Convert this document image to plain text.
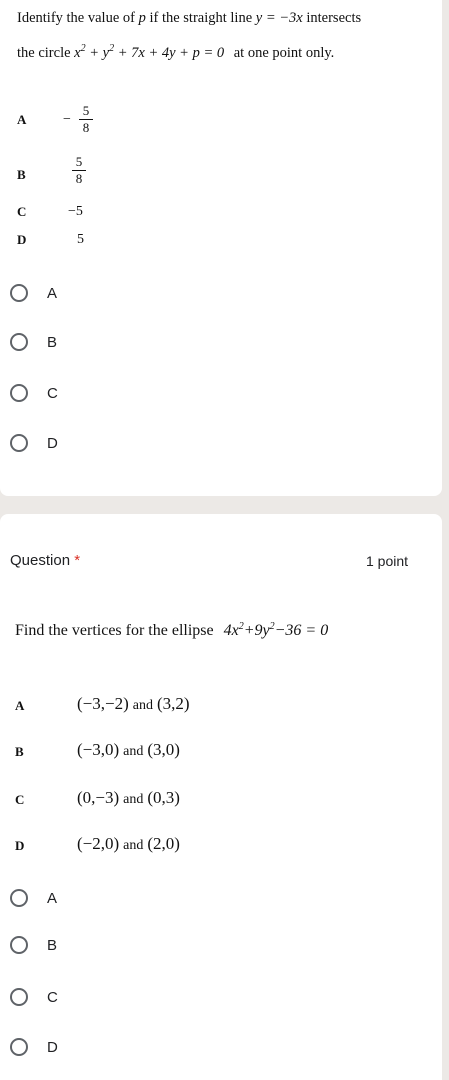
Identify the value of p if the straight line y = −3x intersects
the circle $x^2 + y^2 + 7x + 4y + p = 0$ at one point only.
A	−
5
8
B
5
8
C	−5
D	5
A
B
C
D
Question *	1 point
Find the vertices for the ellipse $4x^2+9y^2-36 = 0$
A	(−3,−2) and (3,2)
B	(−3,0) and (3,0)
C	(0,−3) and (0,3)
D	(−2,0) and (2,0)
A
B
C
D
